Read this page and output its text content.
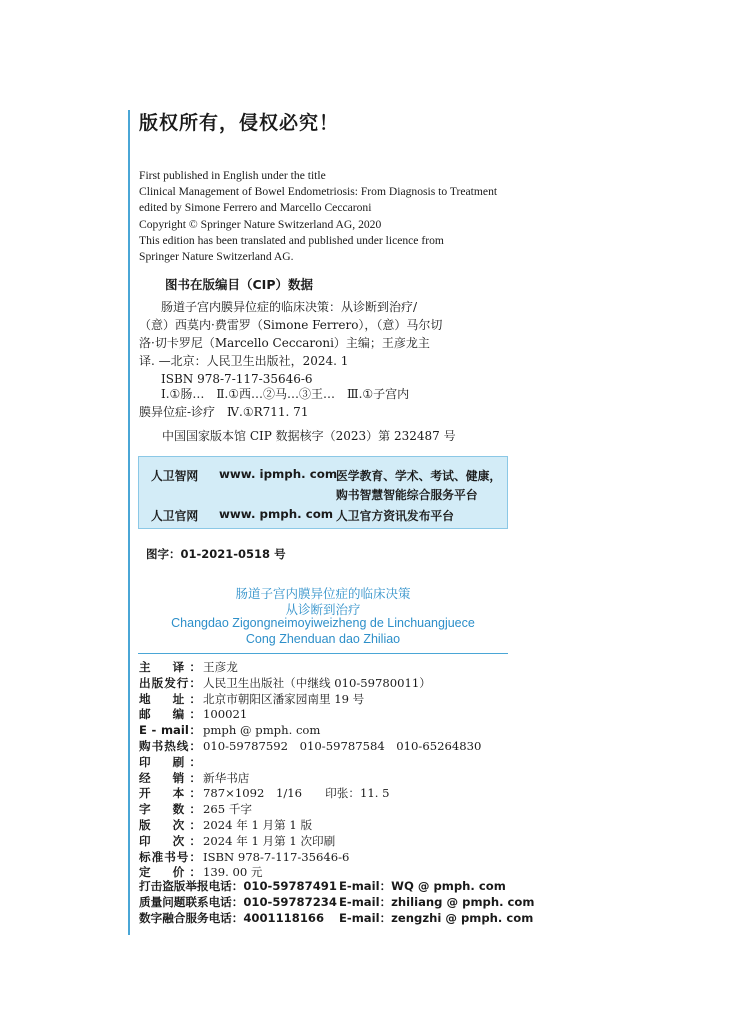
版权所有，侵权必究！
First published in English under the title
Clinical Management of Bowel Endometriosis: From Diagnosis to Treatment
edited by Simone Ferrero and Marcello Ceccaroni
Copyright © Springer Nature Switzerland AG, 2020
This edition has been translated and published under licence from
Springer Nature Switzerland AG.
图书在版编目（CIP）数据
肠道子宫内膜异位症的临床决策：从诊断到治疗/
（意）西莫内·费雷罗（Simone Ferrero），（意）马尔切
洛·切卡罗尼（Marcello Ceccaroni）主编；王彦龙主
译. —北京：人民卫生出版社，2024. 1
ISBN 978-7-117-35646-6
Ⅰ.①肠…　Ⅱ.①西…②马…③王…　Ⅲ.①子宫内
膜异位症-诊疗　Ⅳ.①R711. 71
中国国家版本馆 CIP 数据核字（2023）第 232487 号
人卫智网 www. ipmph. com
医学教育、学术、考试、健康，
购书智慧智能综合服务平台
人卫官网 www. pmph. com 人卫官方资讯发布平台
图字：01-2021-0518 号
肠道子宫内膜异位症的临床决策
从诊断到治疗
Changdao Zigongneimoyiweizheng de Linchuangjuece
Cong Zhenduan dao Zhiliao
主　译： 王彦龙
出版发行： 人民卫生出版社（中继线 010-59780011）
地　址： 北京市朝阳区潘家园南里 19 号
邮　编： 100021
E - mail： pmph @ pmph. com
购书热线： 010-59787592　010-59787584　010-65264830
印　刷：
经　销： 新华书店
开　本： 787×1092　1/16　　印张：11. 5
字　数： 265 千字
版　次： 2024 年 1 月第 1 版
印　次： 2024 年 1 月第 1 次印刷
标准书号： ISBN 978-7-117-35646-6
定　价： 139. 00 元
打击盗版举报电话：010-59787491 E-mail：WQ @ pmph. com
质量问题联系电话：010-59787234 E-mail：zhiliang @ pmph. com
数字融合服务电话：4001118166 E-mail：zengzhi @ pmph. com
